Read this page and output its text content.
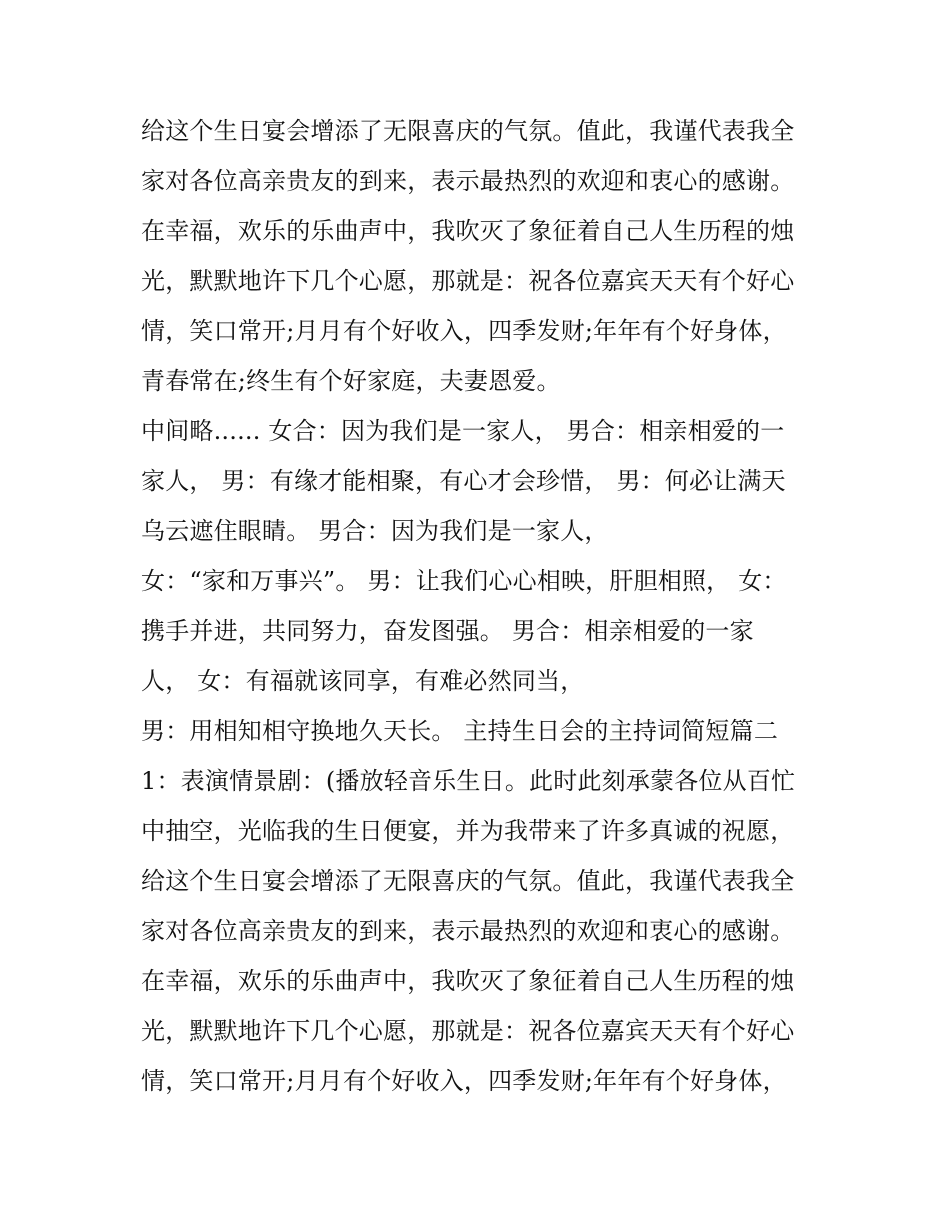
给这个生日宴会增添了无限喜庆的气氛。值此，我谨代表我全
家对各位高亲贵友的到来，表示最热烈的欢迎和衷心的感谢。
在幸福，欢乐的乐曲声中，我吹灭了象征着自己人生历程的烛
光，默默地许下几个心愿，那就是：祝各位嘉宾天天有个好心
情，笑口常开;月月有个好收入，四季发财;年年有个好身体，
青春常在;终生有个好家庭，夫妻恩爱。
中间略...... 女合：因为我们是一家人， 男合：相亲相爱的一
家人， 男：有缘才能相聚，有心才会珍惜， 男：何必让满天
乌云遮住眼睛。 男合：因为我们是一家人，
女：“家和万事兴”。 男：让我们心心相映，肝胆相照， 女：
携手并进，共同努力，奋发图强。 男合：相亲相爱的一家
人， 女：有福就该同享，有难必然同当，
男：用相知相守换地久天长。 主持生日会的主持词简短篇二
1：表演情景剧：(播放轻音乐生日。此时此刻承蒙各位从百忙
中抽空，光临我的生日便宴，并为我带来了许多真诚的祝愿，
给这个生日宴会增添了无限喜庆的气氛。值此，我谨代表我全
家对各位高亲贵友的到来，表示最热烈的欢迎和衷心的感谢。
在幸福，欢乐的乐曲声中，我吹灭了象征着自己人生历程的烛
光，默默地许下几个心愿，那就是：祝各位嘉宾天天有个好心
情，笑口常开;月月有个好收入，四季发财;年年有个好身体，
